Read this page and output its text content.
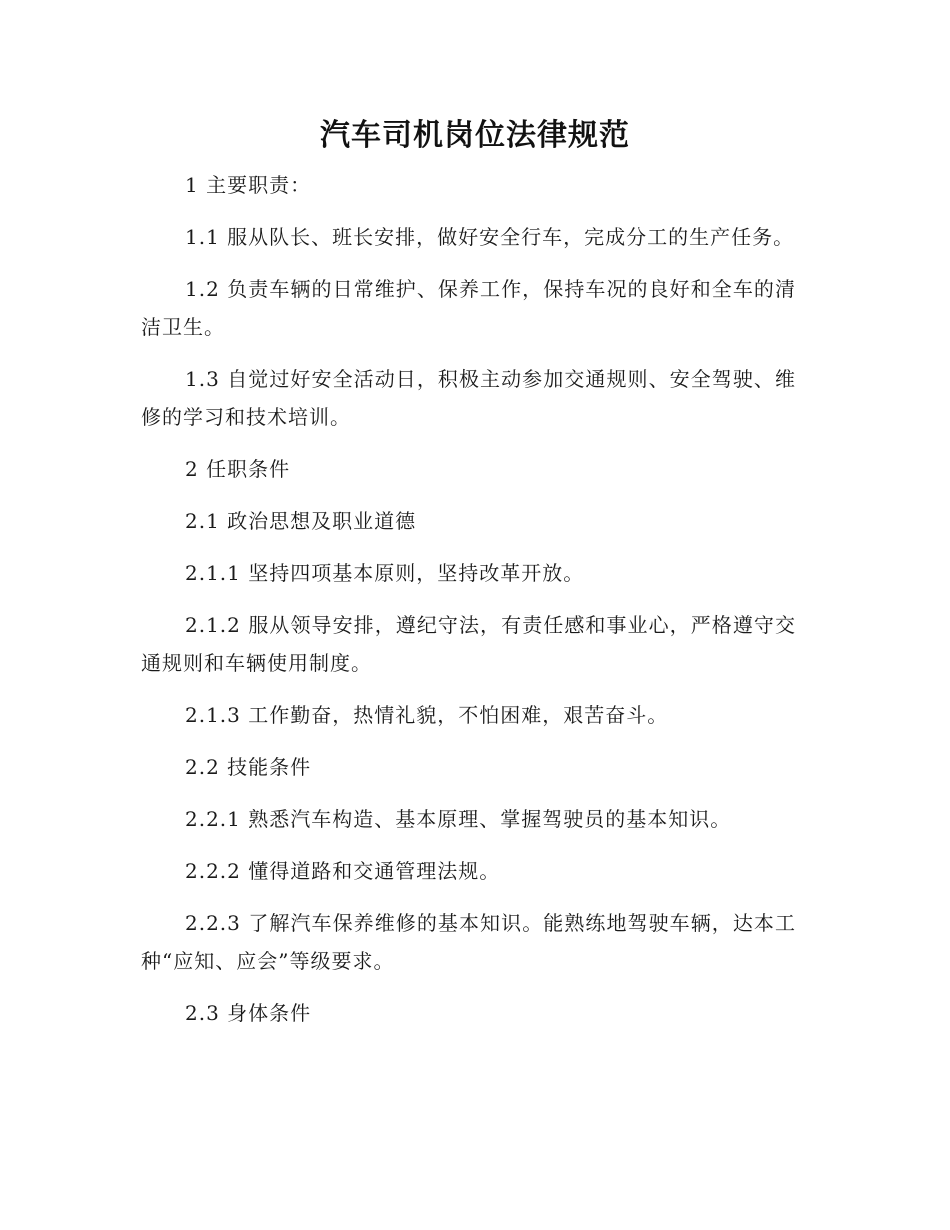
汽车司机岗位法律规范

1 主要职责：

1.1 服从队长、班长安排，做好安全行车，完成分工的生产任务。

1.2 负责车辆的日常维护、保养工作，保持车况的良好和全车的清洁卫生。

1.3 自觉过好安全活动日，积极主动参加交通规则、安全驾驶、维修的学习和技术培训。

2 任职条件

2.1 政治思想及职业道德

2.1.1 坚持四项基本原则，坚持改革开放。

2.1.2 服从领导安排，遵纪守法，有责任感和事业心，严格遵守交通规则和车辆使用制度。

2.1.3 工作勤奋，热情礼貌，不怕困难，艰苦奋斗。

2.2 技能条件

2.2.1 熟悉汽车构造、基本原理、掌握驾驶员的基本知识。

2.2.2 懂得道路和交通管理法规。

2.2.3 了解汽车保养维修的基本知识。能熟练地驾驶车辆，达本工种“应知、应会”等级要求。

2.3 身体条件
